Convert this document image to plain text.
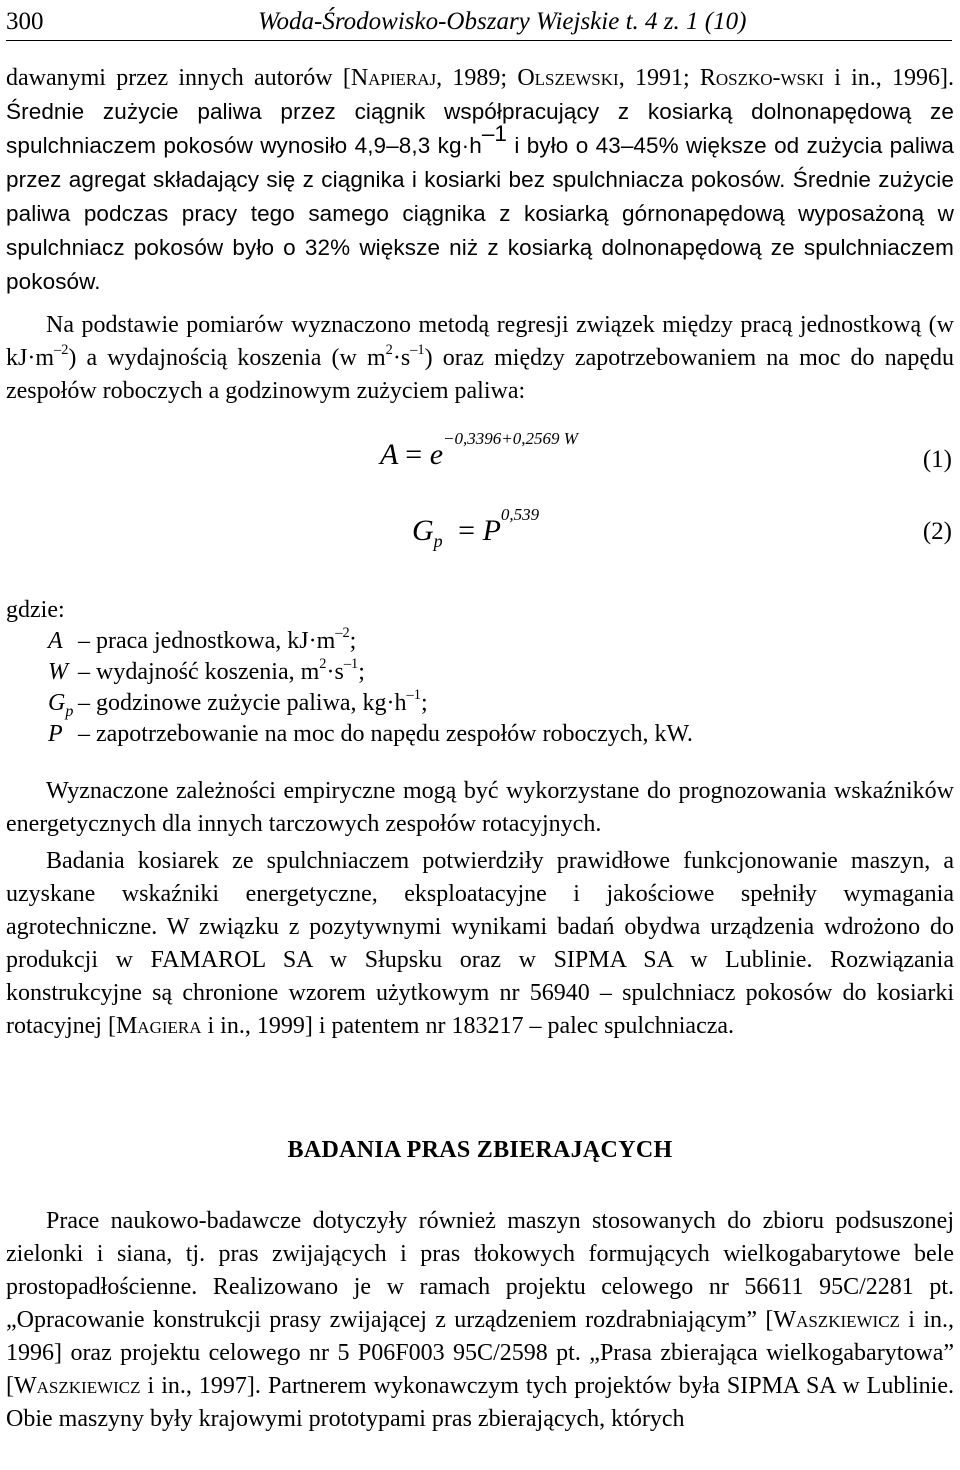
300	Woda-Środowisko-Obszary Wiejskie t. 4 z. 1 (10)

dawanymi przez innych autorów [Napieraj, 1989; Olszewski, 1991; Roszko-wski i in., 1996]. Średnie zużycie paliwa przez ciągnik współpracujący z kosiarką dolnonapędową ze spulchniaczem pokosów wynosiło 4,9–8,3 $kg\cdot h^{-1}$ i było o 43–45% większe od zużycia paliwa przez agregat składający się z ciągnika i kosiarki bez spulchniacza pokosów. Średnie zużycie paliwa podczas pracy tego samego ciągnika z kosiarką górnonapędową wyposażoną w spulchniacz pokosów było o 32% większe niż z kosiarką dolnonapędową ze spulchniaczem pokosów.

Na podstawie pomiarów wyznaczono metodą regresji związek między pracą jednostkową (w $kJ\cdot m^{-2}$) a wydajnością koszenia (w $m^2\cdot s^{-1}$) oraz między zapotrzebowaniem na moc do napędu zespołów roboczych a godzinowym zużyciem paliwa:

$A = e^{-0,3396+0,2569 W}$
(1)
$G_p = P^{0,539}$
(2)
gdzie:
A – praca jednostkowa, $kJ\cdot m^{-2}$;
W – wydajność koszenia, $m^2\cdot s^{-1}$;
$G_p$ – godzinowe zużycie paliwa, $kg\cdot h^{-1}$;
P – zapotrzebowanie na moc do napędu zespołów roboczych, kW.

Wyznaczone zależności empiryczne mogą być wykorzystane do prognozowania wskaźników energetycznych dla innych tarczowych zespołów rotacyjnych.

Badania kosiarek ze spulchniaczem potwierdziły prawidłowe funkcjonowanie maszyn, a uzyskane wskaźniki energetyczne, eksploatacyjne i jakościowe spełniły wymagania agrotechniczne. W związku z pozytywnymi wynikami badań obydwa urządzenia wdrożono do produkcji w FAMAROL SA w Słupsku oraz w SIPMA SA w Lublinie. Rozwiązania konstrukcyjne są chronione wzorem użytkowym nr 56940 – spulchniacz pokosów do kosiarki rotacyjnej [Magiera i in., 1999] i patentem nr 183217 – palec spulchniacza.

BADANIA PRAS ZBIERAJĄCYCH

Prace naukowo-badawcze dotyczyły również maszyn stosowanych do zbioru podsuszonej zielonki i siana, tj. pras zwijających i pras tłokowych formujących wielkogabarytowe bele prostopadłościenne. Realizowano je w ramach projektu celowego nr 56611 95C/2281 pt. „Opracowanie konstrukcji prasy zwijającej z urządzeniem rozdrabniającym” [Waszkiewicz i in., 1996] oraz projektu celowego nr 5 P06F003 95C/2598 pt. „Prasa zbierająca wielkogabarytowa” [Waszkiewicz i in., 1997]. Partnerem wykonawczym tych projektów była SIPMA SA w Lublinie. Obie maszyny były krajowymi prototypami pras zbierających, których
